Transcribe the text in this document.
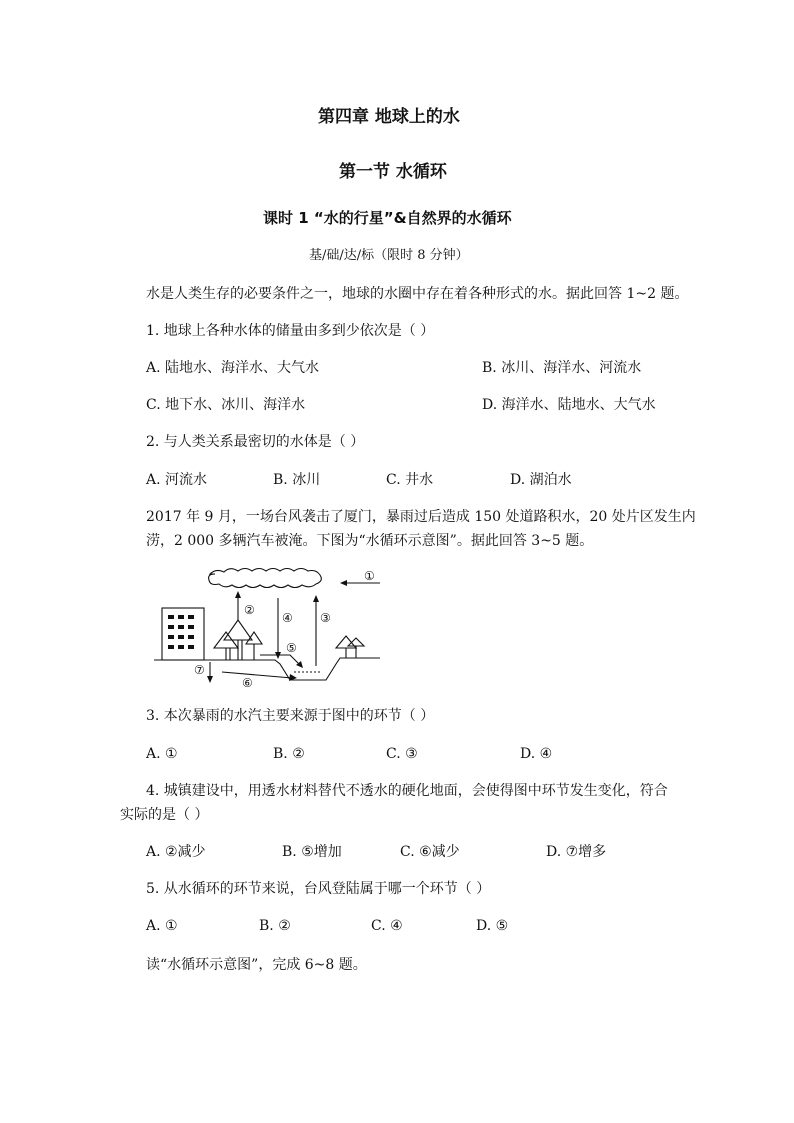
第四章 地球上的水
第一节 水循环
课时 1 “水的行星”&自然界的水循环
基/础/达/标（限时 8 分钟）
水是人类生存的必要条件之一，地球的水圈中存在着各种形式的水。据此回答 1~2 题。
1. 地球上各种水体的储量由多到少依次是（ ）
A. 陆地水、海洋水、大气水	B. 冰川、海洋水、河流水
C. 地下水、冰川、海洋水	D. 海洋水、陆地水、大气水
2. 与人类关系最密切的水体是（ ）
A. 河流水	B. 冰川	C. 井水	D. 湖泊水
2017 年 9 月，一场台风袭击了厦门，暴雨过后造成 150 处道路积水，20 处片区发生内
涝，2 000 多辆汽车被淹。下图为“水循环示意图”。据此回答 3~5 题。
①
②
③
④
⑤
⑥
⑦
3. 本次暴雨的水汽主要来源于图中的环节（ ）
A. ①	B. ②	C. ③	D. ④
4. 城镇建设中，用透水材料替代不透水的硬化地面，会使得图中环节发生变化，符合
实际的是（ ）
A. ②减少	B. ⑤增加	C. ⑥减少	D. ⑦增多
5. 从水循环的环节来说，台风登陆属于哪一个环节（ ）
A. ①	B. ②	C. ④	D. ⑤
读“水循环示意图”，完成 6~8 题。
